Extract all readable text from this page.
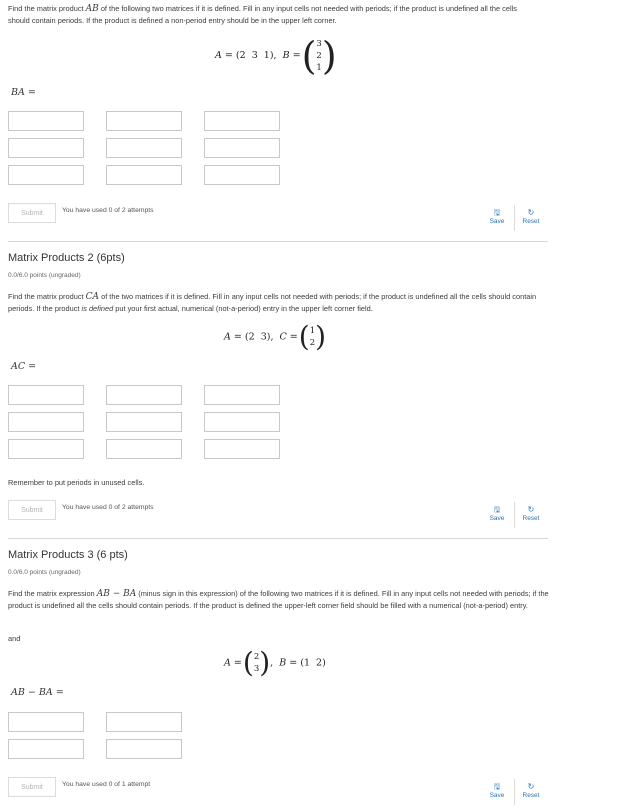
Find the matrix product AB of the following two matrices if it is defined. Fill in any input cells not needed with periods; if the product is undefined all the cells should contain periods. If the product is defined a non-period entry should be in the upper left corner.
A = (2 3 1),  B = (3
2
1)
BA =
Submit	You have used 0 of 2 attempts	🖫
Save
↻
Reset
Matrix Products 2 (6pts)
0.0/6.0 points (ungraded)
Find the matrix product CA of the two matrices if it is defined. Fill in any input cells not needed with periods; if the product is undefined all the cells should contain periods. If the product is defined put your first actual, numerical (not-a-period) entry in the upper left corner field.
A = (2 3),  C = (1
2)
AC =
Remember to put periods in unused cells.
Submit	You have used 0 of 2 attempts	🖫
Save
↻
Reset
Matrix Products 3 (6 pts)
0.0/6.0 points (ungraded)
Find the matrix expression AB − BA (minus sign in this expression) of the following two matrices if it is defined. Fill in any input cells not needed with periods; if the product is undefined all the cells should contain periods. If the product is defined the upper-left corner field should be filled with a numerical (not-a-period) entry.
and
A = (2
3),  B = (1 2)
AB − BA =
Submit	You have used 0 of 1 attempt	🖫
Save
↻
Reset
